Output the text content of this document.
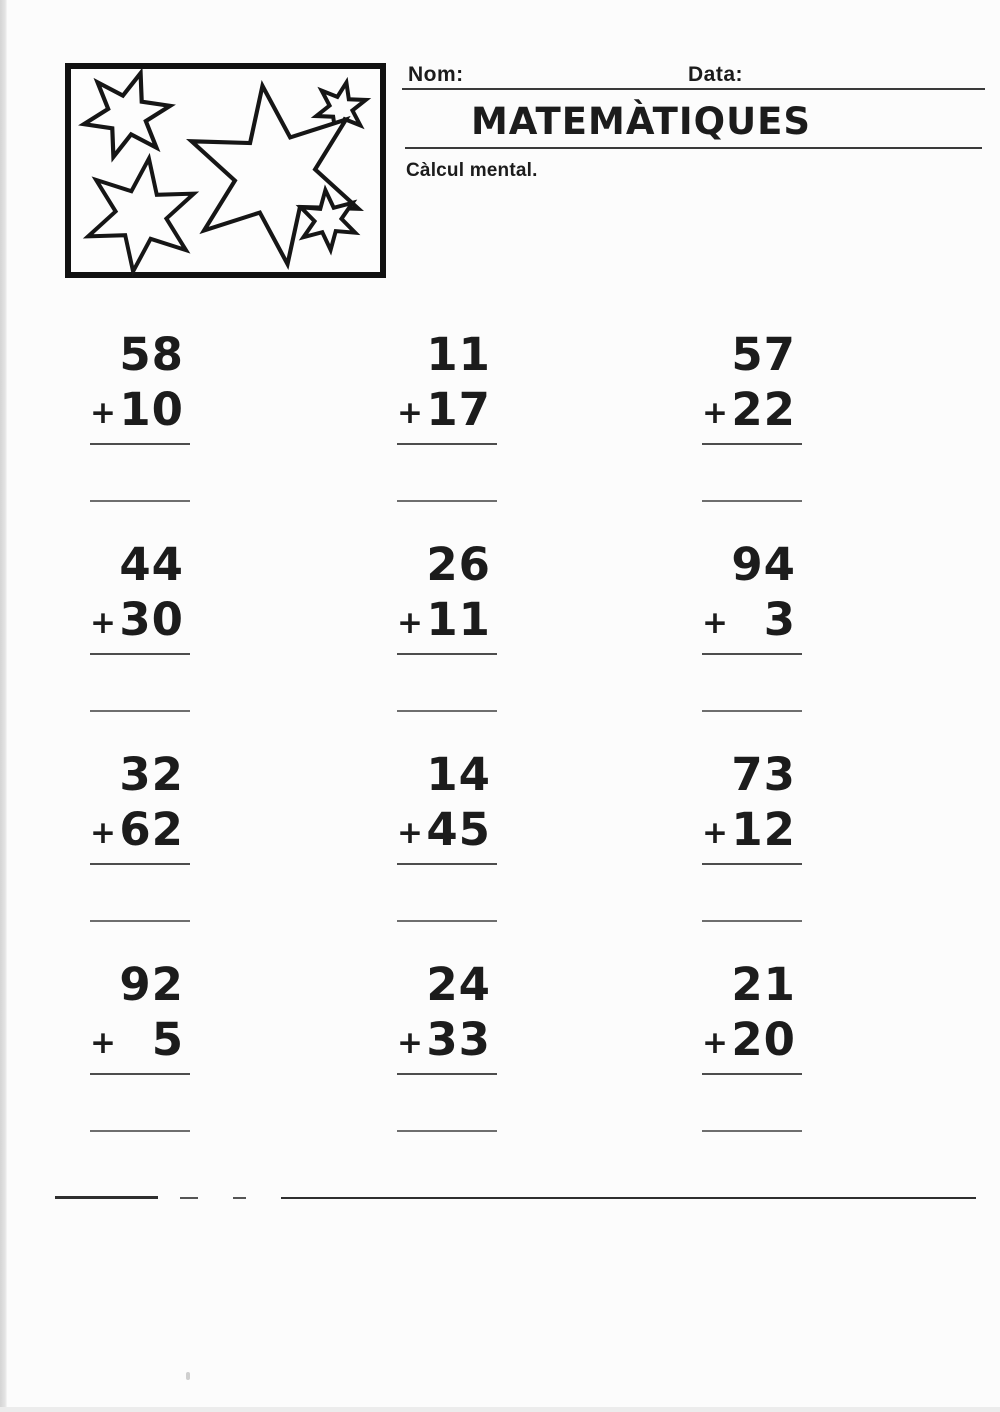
Nom:	Data:
MATEMÀTIQUES
Càlcul mental.
58
+ 10
11
+ 17
57
+ 22
44
+ 30
26
+ 11
94
+ 3
32
+ 62
14
+ 45
73
+ 12
92
+ 5
24
+ 33
21
+ 20
